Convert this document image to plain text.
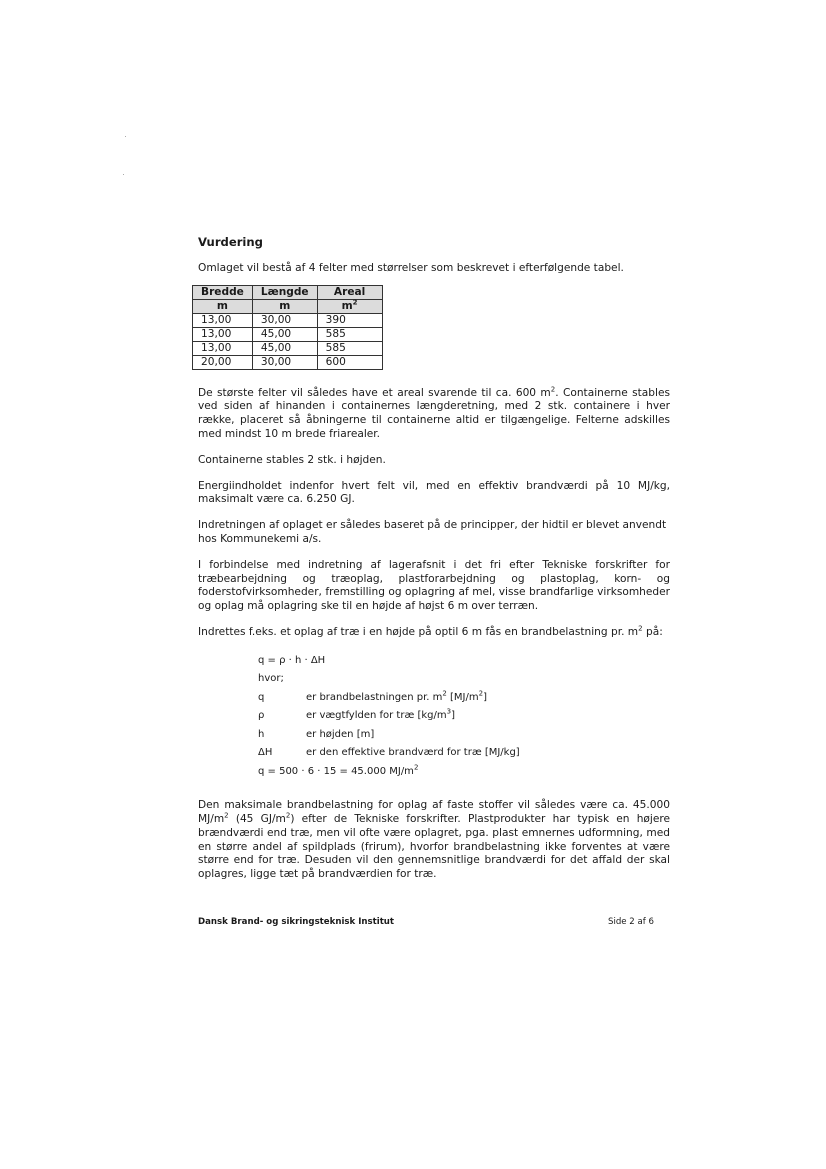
Vurdering

Omlaget vil bestå af 4 felter med størrelser som beskrevet i efterfølgende tabel.

Bredde	Længde	Areal
m	m	$m^2$
13,00	30,00	390
13,00	45,00	585
13,00	45,00	585
20,00	30,00	600

De største felter vil således have et areal svarende til ca. 600 $m^2$. Containerne stables ved siden af hinanden i containernes længderetning, med 2 stk. containere i hver række, placeret så åbningerne til containerne altid er tilgængelige. Felterne adskilles med mindst 10 m brede friarealer.

Containerne stables 2 stk. i højden.

Energiindholdet indenfor hvert felt vil, med en effektiv brandværdi på 10 MJ/kg, maksimalt være ca. 6.250 GJ.

Indretningen af oplaget er således baseret på de principper, der hidtil er blevet anvendt hos Kommunekemi a/s.

I forbindelse med indretning af lagerafsnit i det fri efter Tekniske forskrifter for træbearbejdning og træoplag, plastforarbejdning og plastoplag, korn- og foderstofvirksomheder, fremstilling og oplagring af mel, visse brandfarlige virksomheder og oplag må oplagring ske til en højde af højst 6 m over terræn.

Indrettes f.eks. et oplag af træ i en højde på optil 6 m fås en brandbelastning pr. $m^2$ på:

q = ρ · h · ΔH
hvor;
q	er brandbelastningen pr. $m^2$ $[MJ/m^2]$
ρ	er vægtfylden for træ $[kg/m^3]$
h	er højden [m]
ΔH	er den effektive brandværd for træ [MJ/kg]
q = 500 · 6 · 15 = 45.000 $MJ/m^2$

Den maksimale brandbelastning for oplag af faste stoffer vil således være ca. 45.000 $MJ/m^2$ (45 $GJ/m^2$) efter de Tekniske forskrifter. Plastprodukter har typisk en højere brændværdi end træ, men vil ofte være oplagret, pga. plast emnernes udformning, med en større andel af spildplads (frirum), hvorfor brandbelastning ikke forventes at være større end for træ. Desuden vil den gennemsnitlige brandværdi for det affald der skal oplagres, ligge tæt på brandværdien for træ.

Dansk Brand- og sikringsteknisk Institut	Side 2 af 6
